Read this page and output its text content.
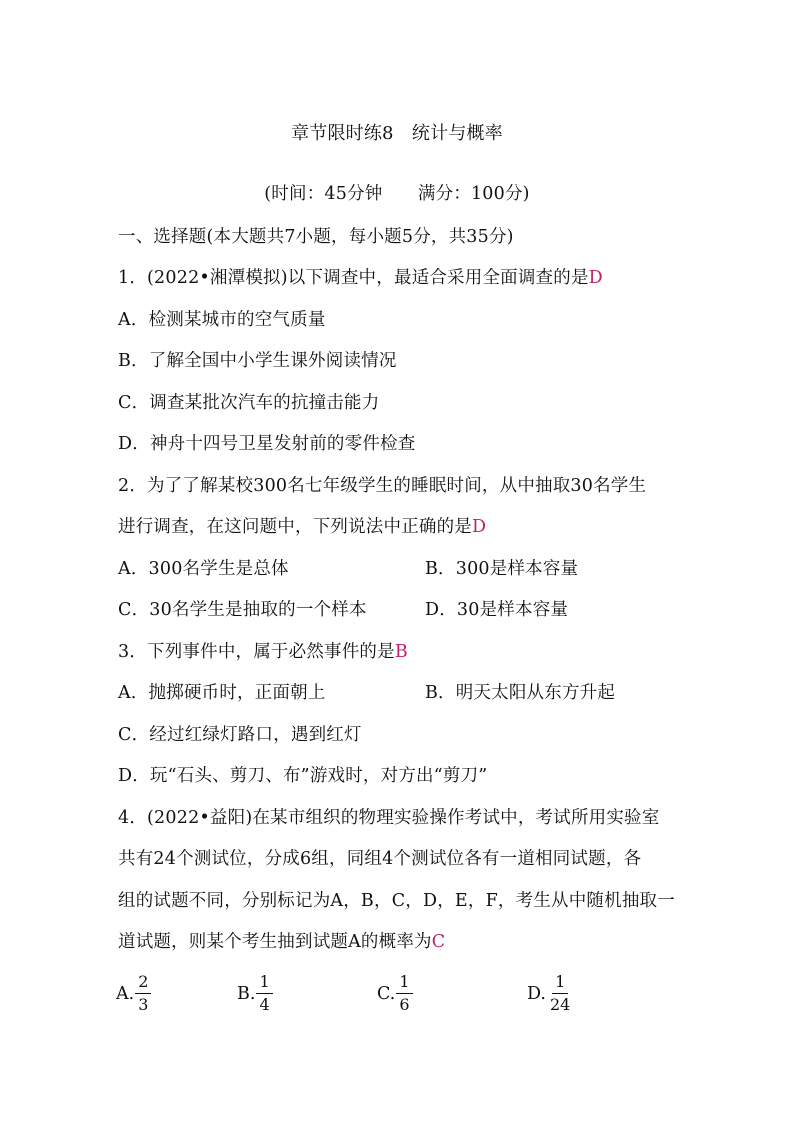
章节限时练8　统计与概率
(时间：45分钟　　满分：100分)
一、选择题(本大题共7小题，每小题5分，共35分)
1．(2022•湘潭模拟)以下调查中，最适合采用全面调查的是D
A．检测某城市的空气质量
B．了解全国中小学生课外阅读情况
C．调查某批次汽车的抗撞击能力
D．神舟十四号卫星发射前的零件检查
2．为了了解某校300名七年级学生的睡眠时间，从中抽取30名学生
进行调查，在这问题中，下列说法中正确的是D
A．300名学生是总体	B．300是样本容量
C．30名学生是抽取的一个样本	D．30是样本容量
3．下列事件中，属于必然事件的是B
A．抛掷硬币时，正面朝上	B．明天太阳从东方升起
C．经过红绿灯路口，遇到红灯
D．玩“石头、剪刀、布”游戏时，对方出“剪刀”
4．(2022•益阳)在某市组织的物理实验操作考试中，考试所用实验室
共有24个测试位，分成6组，同组4个测试位各有一道相同试题，各
组的试题不同，分别标记为A，B，C，D，E，F，考生从中随机抽取一
道试题，则某个考生抽到试题A的概率为C
A. $\frac{2}{3}$	B. $\frac{1}{4}$	C. $\frac{1}{6}$	D. $\frac{1}{24}$
